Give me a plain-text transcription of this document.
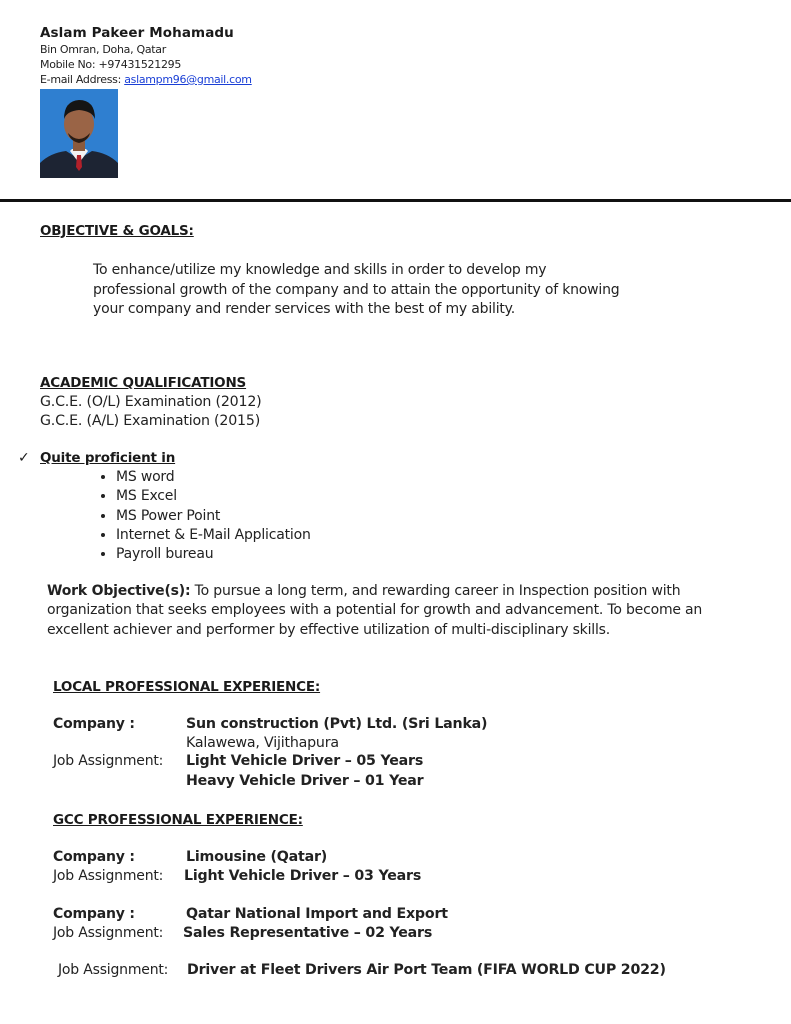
Aslam Pakeer Mohamadu
Bin Omran, Doha, Qatar
Mobile No: +97431521295
E-mail Address: aslampm96@gmail.com
OBJECTIVE & GOALS:
To enhance/utilize my knowledge and skills in order to develop my
professional growth of the company and to attain the opportunity of knowing
your company and render services with the best of my ability.
ACADEMIC QUALIFICATIONS
G.C.E. (O/L) Examination (2012)
G.C.E. (A/L) Examination (2015)
✓ Quite proficient in
• MS word
• MS Excel
• MS Power Point
• Internet & E-Mail Application
• Payroll bureau
Work Objective(s): To pursue a long term, and rewarding career in Inspection position with organization that seeks employees with a potential for growth and advancement. To become an excellent achiever and performer by effective utilization of multi-disciplinary skills.
LOCAL PROFESSIONAL EXPERIENCE:
Company :	Sun construction (Pvt) Ltd. (Sri Lanka)
Kalawewa, Vijithapura
Job Assignment: Light Vehicle Driver – 05 Years
Heavy Vehicle Driver – 01 Year
GCC PROFESSIONAL EXPERIENCE:
Company :	Limousine (Qatar)
Job Assignment: Light Vehicle Driver – 03 Years
Company :	Qatar National Import and Export
Job Assignment: Sales Representative – 02 Years
Job Assignment: Driver at Fleet Drivers Air Port Team (FIFA WORLD CUP 2022)
